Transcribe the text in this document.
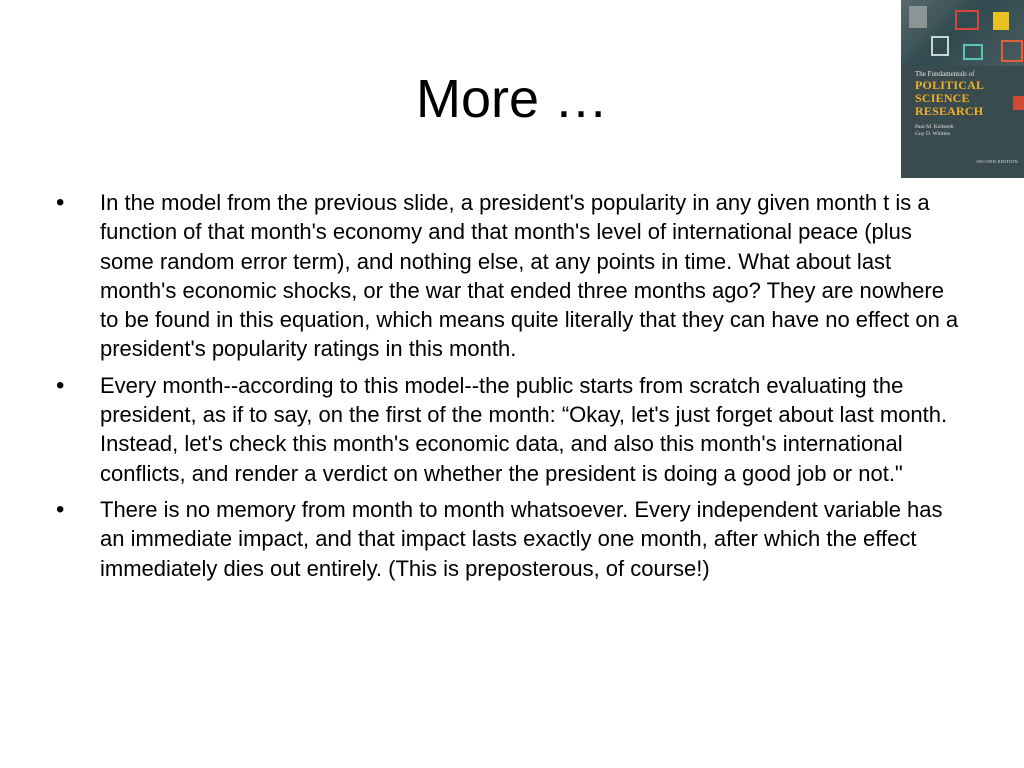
More …	The Fundamentals of
POLITICAL
SCIENCE
RESEARCH
Paul M. Kellstedt
Guy D. Whitten
SECOND EDITION
• In the model from the previous slide, a president's popularity in any given month t is a function of that month's economy and that month's level of international peace (plus some random error term), and nothing else, at any points in time. What about last month's economic shocks, or the war that ended three months ago? They are nowhere to be found in this equation, which means quite literally that they can have no effect on a president's popularity ratings in this month.
• Every month--according to this model--the public starts from scratch evaluating the president, as if to say, on the first of the month: “Okay, let's just forget about last month. Instead, let's check this month's economic data, and also this month's international conflicts, and render a verdict on whether the president is doing a good job or not."
• There is no memory from month to month whatsoever. Every independent variable has an immediate impact, and that impact lasts exactly one month, after which the effect immediately dies out entirely. (This is preposterous, of course!)
